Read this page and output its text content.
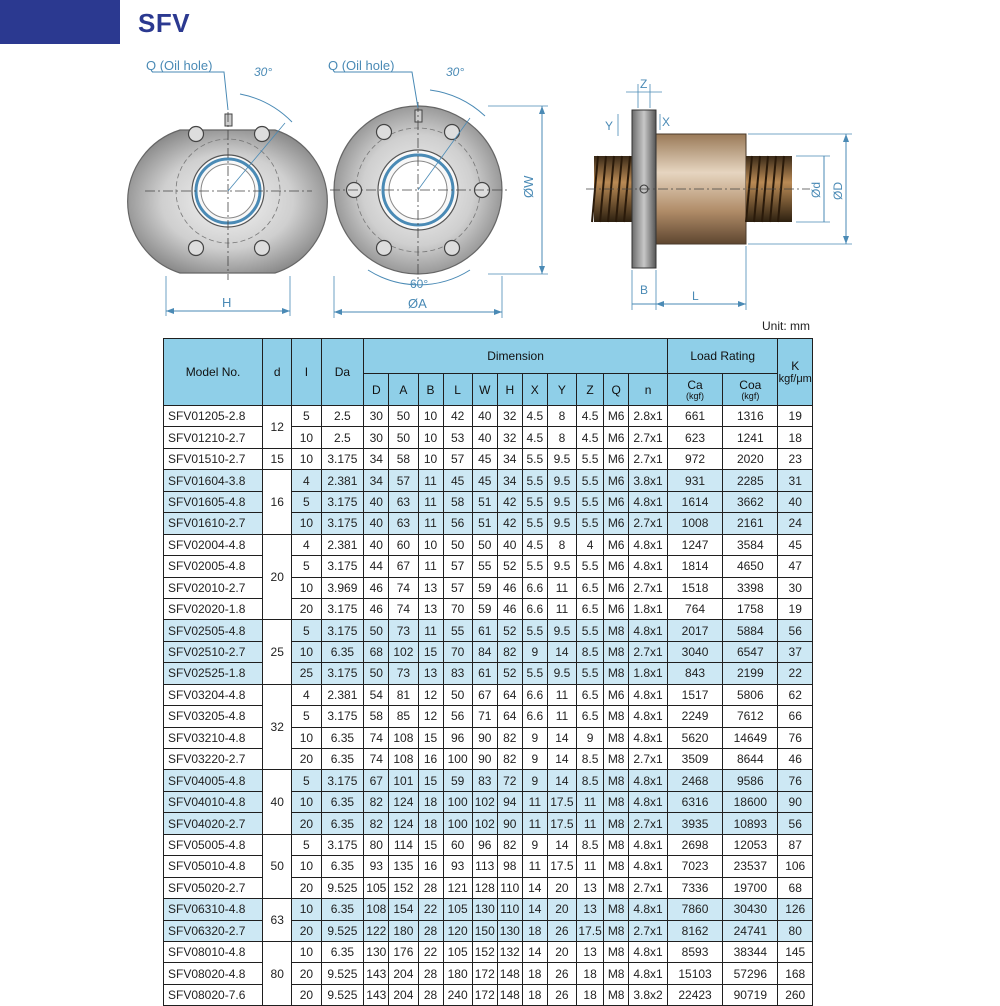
SFV
Q (Oil hole)	30°
H
Q (Oil hole)	30°
60°
ØA
ØW
Z
Y	X
B	L
Ød ØD
Unit: mm
Model No.	d	I	Da	Dimension											Load Rating		K
kgf/μm
				D	A	B	L	W	H	X	Y	Z	Q	n	Ca
(kgf)	Coa
(kgf)	

SFV01205-2.8	12	5	2.5	30	50	10	42	40	32	4.5	8	4.5	M6	2.8x1	661	1316	19
SFV01210-2.7		10	2.5	30	50	10	53	40	32	4.5	8	4.5	M6	2.7x1	623	1241	18
SFV01510-2.7	15	10	3.175	34	58	10	57	45	34	5.5	9.5	5.5	M6	2.7x1	972	2020	23
SFV01604-3.8	16	4	2.381	34	57	11	45	45	34	5.5	9.5	5.5	M6	3.8x1	931	2285	31
SFV01605-4.8		5	3.175	40	63	11	58	51	42	5.5	9.5	5.5	M6	4.8x1	1614	3662	40
SFV01610-2.7		10	3.175	40	63	11	56	51	42	5.5	9.5	5.5	M6	2.7x1	1008	2161	24
SFV02004-4.8	20	4	2.381	40	60	10	50	50	40	4.5	8	4	M6	4.8x1	1247	3584	45
SFV02005-4.8		5	3.175	44	67	11	57	55	52	5.5	9.5	5.5	M6	4.8x1	1814	4650	47
SFV02010-2.7		10	3.969	46	74	13	57	59	46	6.6	11	6.5	M6	2.7x1	1518	3398	30
SFV02020-1.8		20	3.175	46	74	13	70	59	46	6.6	11	6.5	M6	1.8x1	764	1758	19
SFV02505-4.8	25	5	3.175	50	73	11	55	61	52	5.5	9.5	5.5	M8	4.8x1	2017	5884	56
SFV02510-2.7		10	6.35	68	102	15	70	84	82	9	14	8.5	M8	2.7x1	3040	6547	37
SFV02525-1.8		25	3.175	50	73	13	83	61	52	5.5	9.5	5.5	M8	1.8x1	843	2199	22
SFV03204-4.8	32	4	2.381	54	81	12	50	67	64	6.6	11	6.5	M6	4.8x1	1517	5806	62
SFV03205-4.8		5	3.175	58	85	12	56	71	64	6.6	11	6.5	M8	4.8x1	2249	7612	66
SFV03210-4.8		10	6.35	74	108	15	96	90	82	9	14	9	M8	4.8x1	5620	14649	76
SFV03220-2.7		20	6.35	74	108	16	100	90	82	9	14	8.5	M8	2.7x1	3509	8644	46
SFV04005-4.8	40	5	3.175	67	101	15	59	83	72	9	14	8.5	M8	4.8x1	2468	9586	76
SFV04010-4.8		10	6.35	82	124	18	100	102	94	11	17.5	11	M8	4.8x1	6316	18600	90
SFV04020-2.7		20	6.35	82	124	18	100	102	90	11	17.5	11	M8	2.7x1	3935	10893	56
SFV05005-4.8	50	5	3.175	80	114	15	60	96	82	9	14	8.5	M8	4.8x1	2698	12053	87
SFV05010-4.8		10	6.35	93	135	16	93	113	98	11	17.5	11	M8	4.8x1	7023	23537	106
SFV05020-2.7		20	9.525	105	152	28	121	128	110	14	20	13	M8	2.7x1	7336	19700	68
SFV06310-4.8	63	10	6.35	108	154	22	105	130	110	14	20	13	M8	4.8x1	7860	30430	126
SFV06320-2.7		20	9.525	122	180	28	120	150	130	18	26	17.5	M8	2.7x1	8162	24741	80
SFV08010-4.8	80	10	6.35	130	176	22	105	152	132	14	20	13	M8	4.8x1	8593	38344	145
SFV08020-4.8		20	9.525	143	204	28	180	172	148	18	26	18	M8	4.8x1	15103	57296	168
SFV08020-7.6		20	9.525	143	204	28	240	172	148	18	26	18	M8	3.8x2	22423	90719	260
